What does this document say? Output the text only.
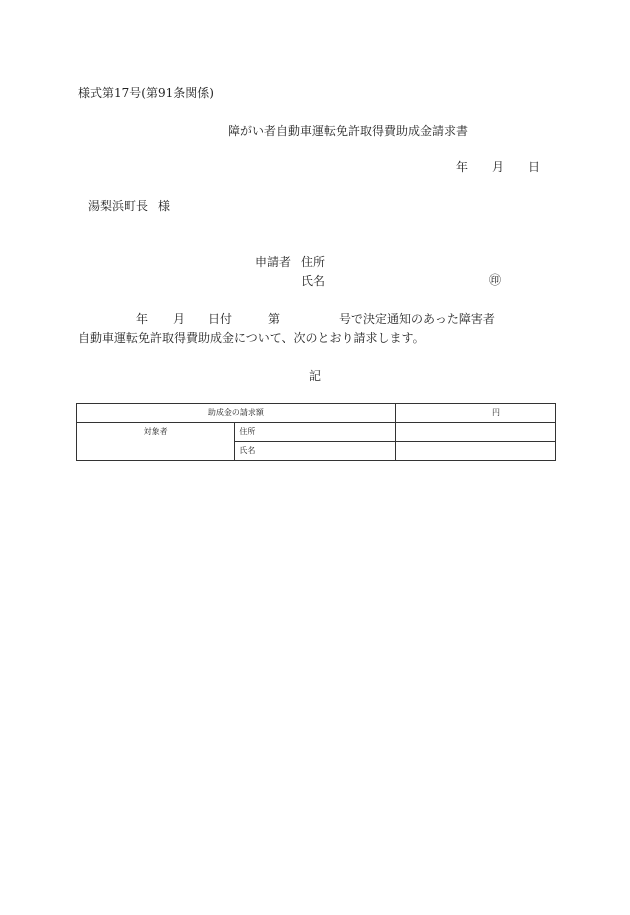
様式第17号(第91条関係)
障がい者自動車運転免許取得費助成金請求書
年 月 日
湯梨浜町長 様
申請者 住所
氏名	㊞
年 月 日付	第	号で決定通知のあった障害者
自動車運転免許取得費助成金について、次のとおり請求します。
記
助成金の請求額		円
対象者	住所	
	氏名	
